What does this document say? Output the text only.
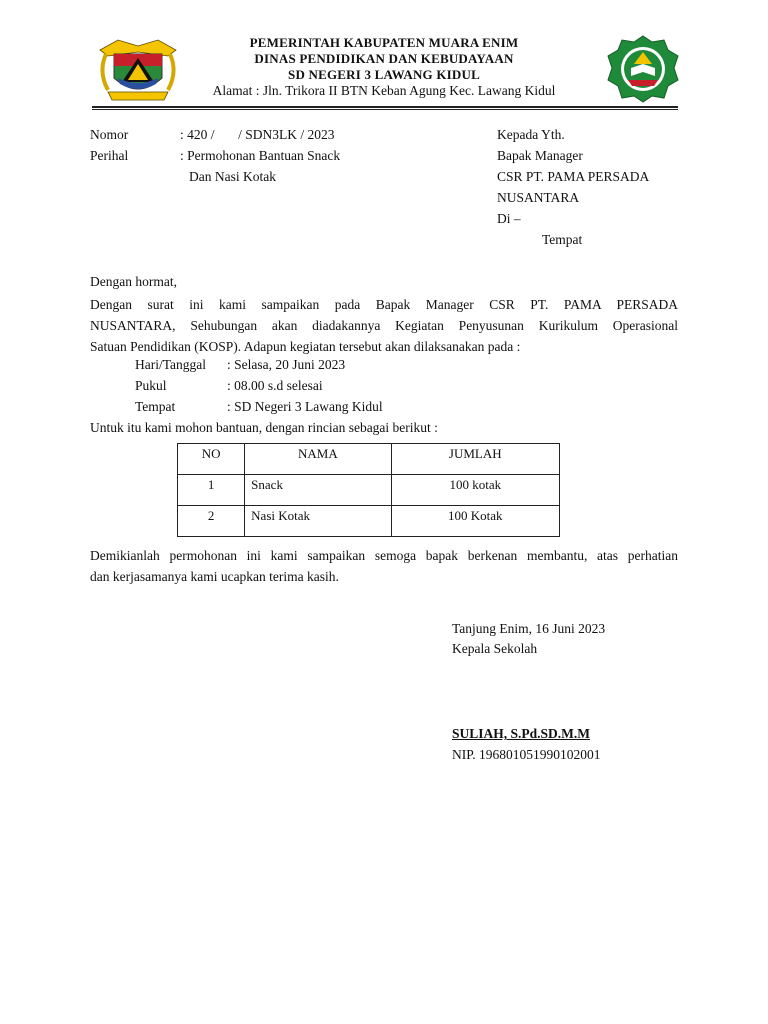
PEMERINTAH KABUPATEN MUARA ENIM
DINAS PENDIDIKAN DAN KEBUDAYAAN
SD NEGERI 3 LAWANG KIDUL
Alamat : Jln. Trikora II BTN Keban Agung Kec. Lawang Kidul
Nomor	: 420 /       / SDN3LK / 2023
Perihal	: Permohonan Bantuan Snack
Dan Nasi Kotak
Kepada Yth.
Bapak Manager
CSR PT. PAMA PERSADA
NUSANTARA
Di –
Tempat
Dengan hormat,
Dengan surat ini kami sampaikan pada Bapak Manager CSR PT. PAMA PERSADA
NUSANTARA, Sehubungan akan diadakannya Kegiatan Penyusunan Kurikulum Operasional
Satuan Pendidikan (KOSP). Adapun kegiatan tersebut akan dilaksanakan pada :
Hari/Tanggal : Selasa, 20 Juni 2023
Pukul	: 08.00 s.d selesai
Tempat	: SD Negeri 3 Lawang Kidul
Untuk itu kami mohon bantuan, dengan rincian sebagai berikut :
NO	NAMA	JUMLAH
1	Snack	100 kotak
2	Nasi Kotak	100 Kotak
Demikianlah permohonan ini kami sampaikan semoga bapak berkenan membantu, atas perhatian
dan kerjasamanya kami ucapkan terima kasih.
Tanjung Enim, 16 Juni 2023
Kepala Sekolah
SULIAH, S.Pd.SD.M.M
NIP. 196801051990102001
